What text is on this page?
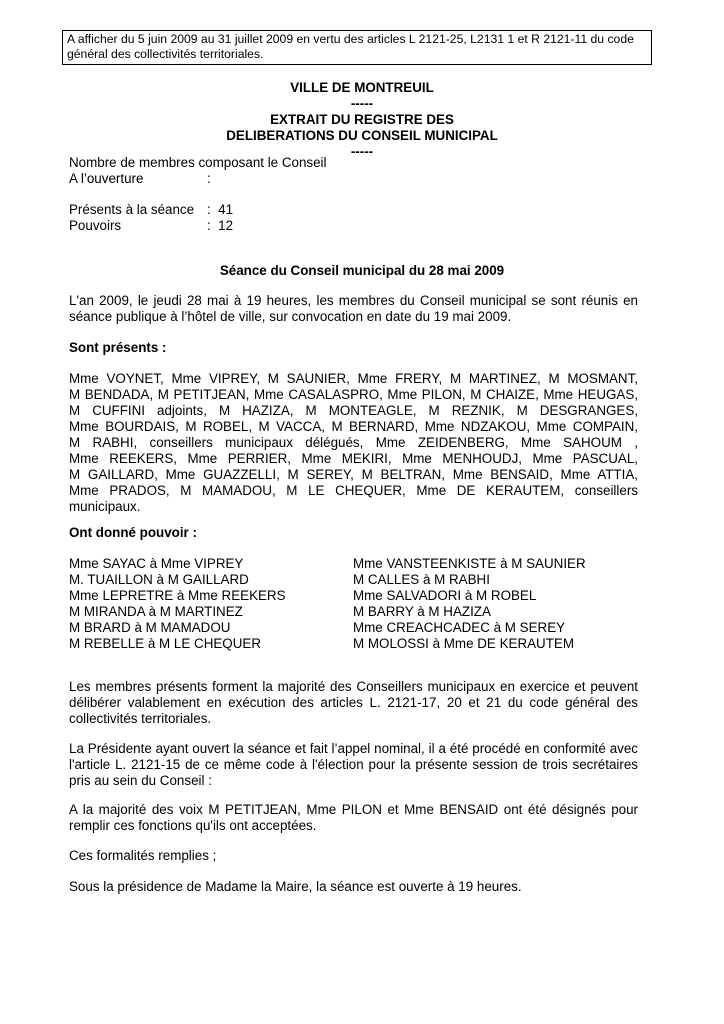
A afficher du 5 juin 2009 au 31 juillet 2009 en vertu des articles L 2121-25, L2131 1 et R 2121-11 du code général des collectivités territoriales.
VILLE DE MONTREUIL
-----
EXTRAIT DU REGISTRE DES
DELIBERATIONS DU CONSEIL MUNICIPAL
-----
Nombre de membres composant le Conseil
A l’ouverture	:
Présents à la séance :  41
Pouvoirs	:  12
Séance du Conseil municipal du 28 mai 2009
L'an 2009, le jeudi 28 mai à 19 heures, les membres du Conseil municipal se sont réunis en séance publique à l’hôtel de ville, sur convocation en date du 19 mai 2009.
Sont présents :
Mme VOYNET, Mme VIPREY, M SAUNIER, Mme FRERY, M MARTINEZ, M MOSMANT,
M BENDADA, M PETITJEAN, Mme CASALASPRO, Mme PILON, M CHAIZE, Mme HEUGAS,
M CUFFINI adjoints, M HAZIZA, M MONTEAGLE, M REZNIK, M DESGRANGES,
Mme BOURDAIS, M ROBEL, M VACCA, M BERNARD, Mme NDZAKOU, Mme COMPAIN,
M RABHI, conseillers municipaux délégués, Mme ZEIDENBERG, Mme SAHOUM ,
Mme REEKERS, Mme PERRIER, Mme MEKIRI, Mme MENHOUDJ, Mme PASCUAL,
M GAILLARD, Mme GUAZZELLI, M SEREY, M BELTRAN, Mme BENSAID, Mme ATTIA,
Mme PRADOS, M MAMADOU, M LE CHEQUER, Mme DE KERAUTEM, conseillers
municipaux.
Ont donné pouvoir :
Mme SAYAC à Mme VIPREY
M. TUAILLON à M GAILLARD
Mme LEPRETRE à Mme REEKERS
M MIRANDA à M MARTINEZ
M BRARD à M MAMADOU
M REBELLE à M LE CHEQUER
Mme VANSTEENKISTE à M SAUNIER
M CALLES à M RABHI
Mme SALVADORI à M ROBEL
M BARRY à M HAZIZA
Mme CREACHCADEC à M SEREY
M MOLOSSI à Mme DE KERAUTEM
Les membres présents forment la majorité des Conseillers municipaux en exercice et peuvent délibérer valablement en exécution des articles L. 2121-17, 20 et 21 du code général des collectivités territoriales.
La Présidente ayant ouvert la séance et fait l’appel nominal, il a été procédé en conformité avec l'article L. 2121-15 de ce même code à l'élection pour la présente session de trois secrétaires pris au sein du Conseil :
A la majorité des voix M PETITJEAN, Mme PILON et Mme BENSAID ont été désignés pour remplir ces fonctions qu'ils ont acceptées.
Ces formalités remplies ;
Sous la présidence de Madame la Maire, la séance est ouverte à 19 heures.
